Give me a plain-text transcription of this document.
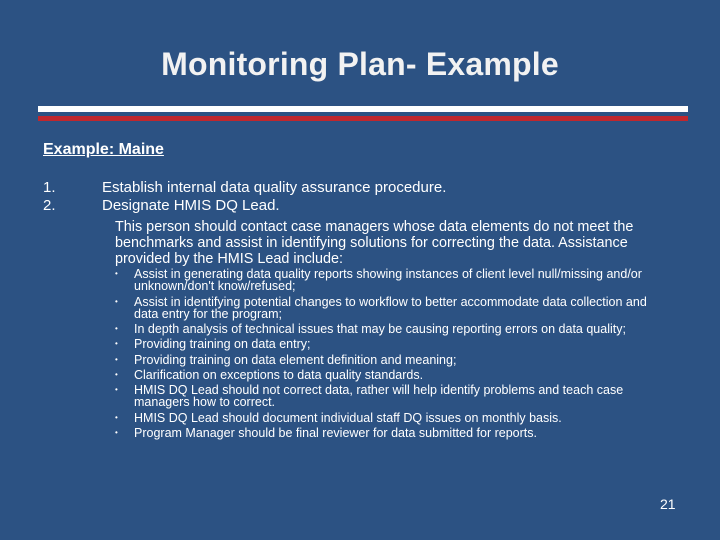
Monitoring Plan- Example
Example: Maine
1.	Establish internal data quality assurance procedure.
2.	Designate HMIS DQ Lead.
This person should contact case managers whose data elements do not meet the benchmarks and assist in identifying solutions for correcting the data. Assistance provided by the HMIS Lead include:
•	Assist in generating data quality reports showing instances of client level null/missing and/or unknown/don't know/refused;
•	Assist in identifying potential changes to workflow to better accommodate data collection and data entry for the program;
•	In depth analysis of technical issues that may be causing reporting errors on data quality;
•	Providing training on data entry;
•	Providing training on data element definition and meaning;
•	Clarification on exceptions to data quality standards.
•	HMIS DQ Lead should not correct data, rather will help identify problems and teach case managers how to correct.
•	HMIS DQ Lead should document individual staff DQ issues on monthly basis.
•	Program Manager should be final reviewer for data submitted for reports.
21
